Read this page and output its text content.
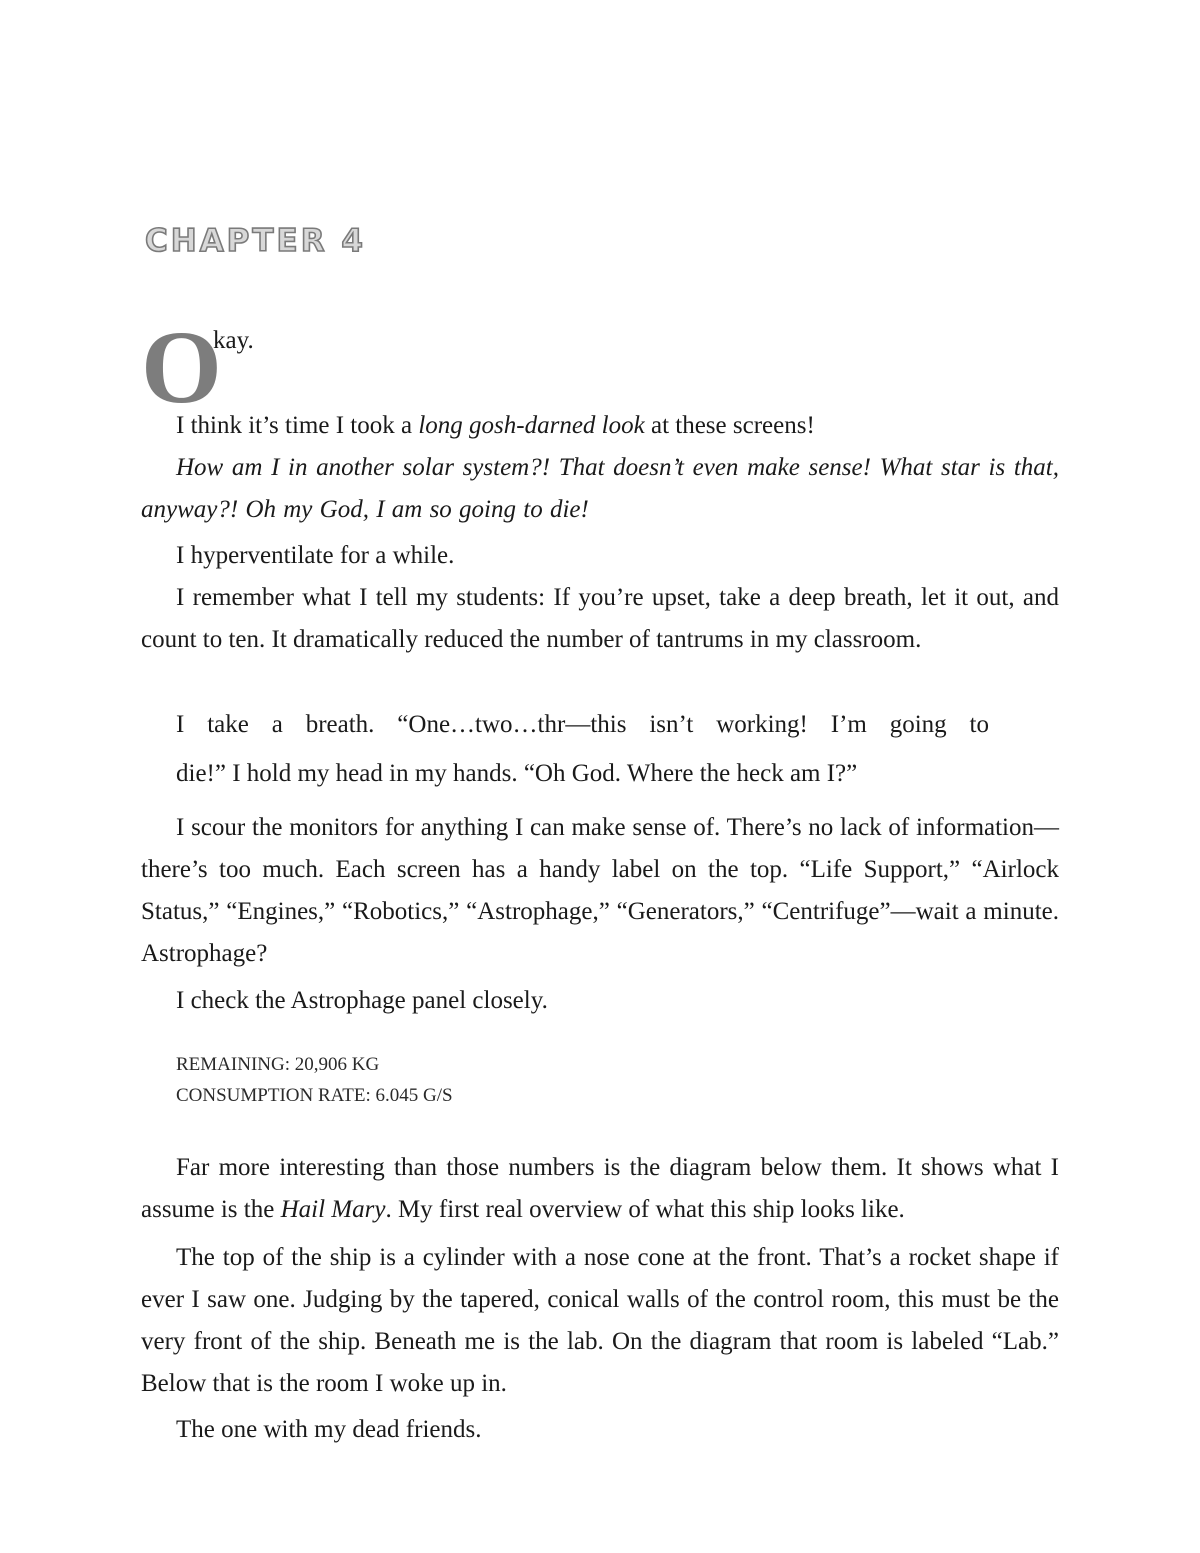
CHAPTER 4
O
kay.

I think it’s time I took a long gosh-darned look at these screens!

How am I in another solar system?! That doesn’t even make sense! What star is that, anyway?! Oh my God, I am so going to die!

I hyperventilate for a while.

I remember what I tell my students: If you’re upset, take a deep breath, let it out, and count to ten. It dramatically reduced the number of tantrums in my classroom.

I take a breath. “One…two…thr—this isn’t working! I’m going to
die!” I hold my head in my hands. “Oh God. Where the heck am I?”

I scour the monitors for anything I can make sense of. There’s no lack of information—there’s too much. Each screen has a handy label on the top. “Life Support,” “Airlock Status,” “Engines,” “Robotics,” “Astrophage,” “Generators,” “Centrifuge”—wait a minute. Astrophage?

I check the Astrophage panel closely.

REMAINING: 20,906 KG
CONSUMPTION RATE: 6.045 G/S

Far more interesting than those numbers is the diagram below them. It shows what I assume is the Hail Mary. My first real overview of what this ship looks like.

The top of the ship is a cylinder with a nose cone at the front. That’s a rocket shape if ever I saw one. Judging by the tapered, conical walls of the control room, this must be the very front of the ship. Beneath me is the lab. On the diagram that room is labeled “Lab.” Below that is the room I woke up in.

The one with my dead friends.
